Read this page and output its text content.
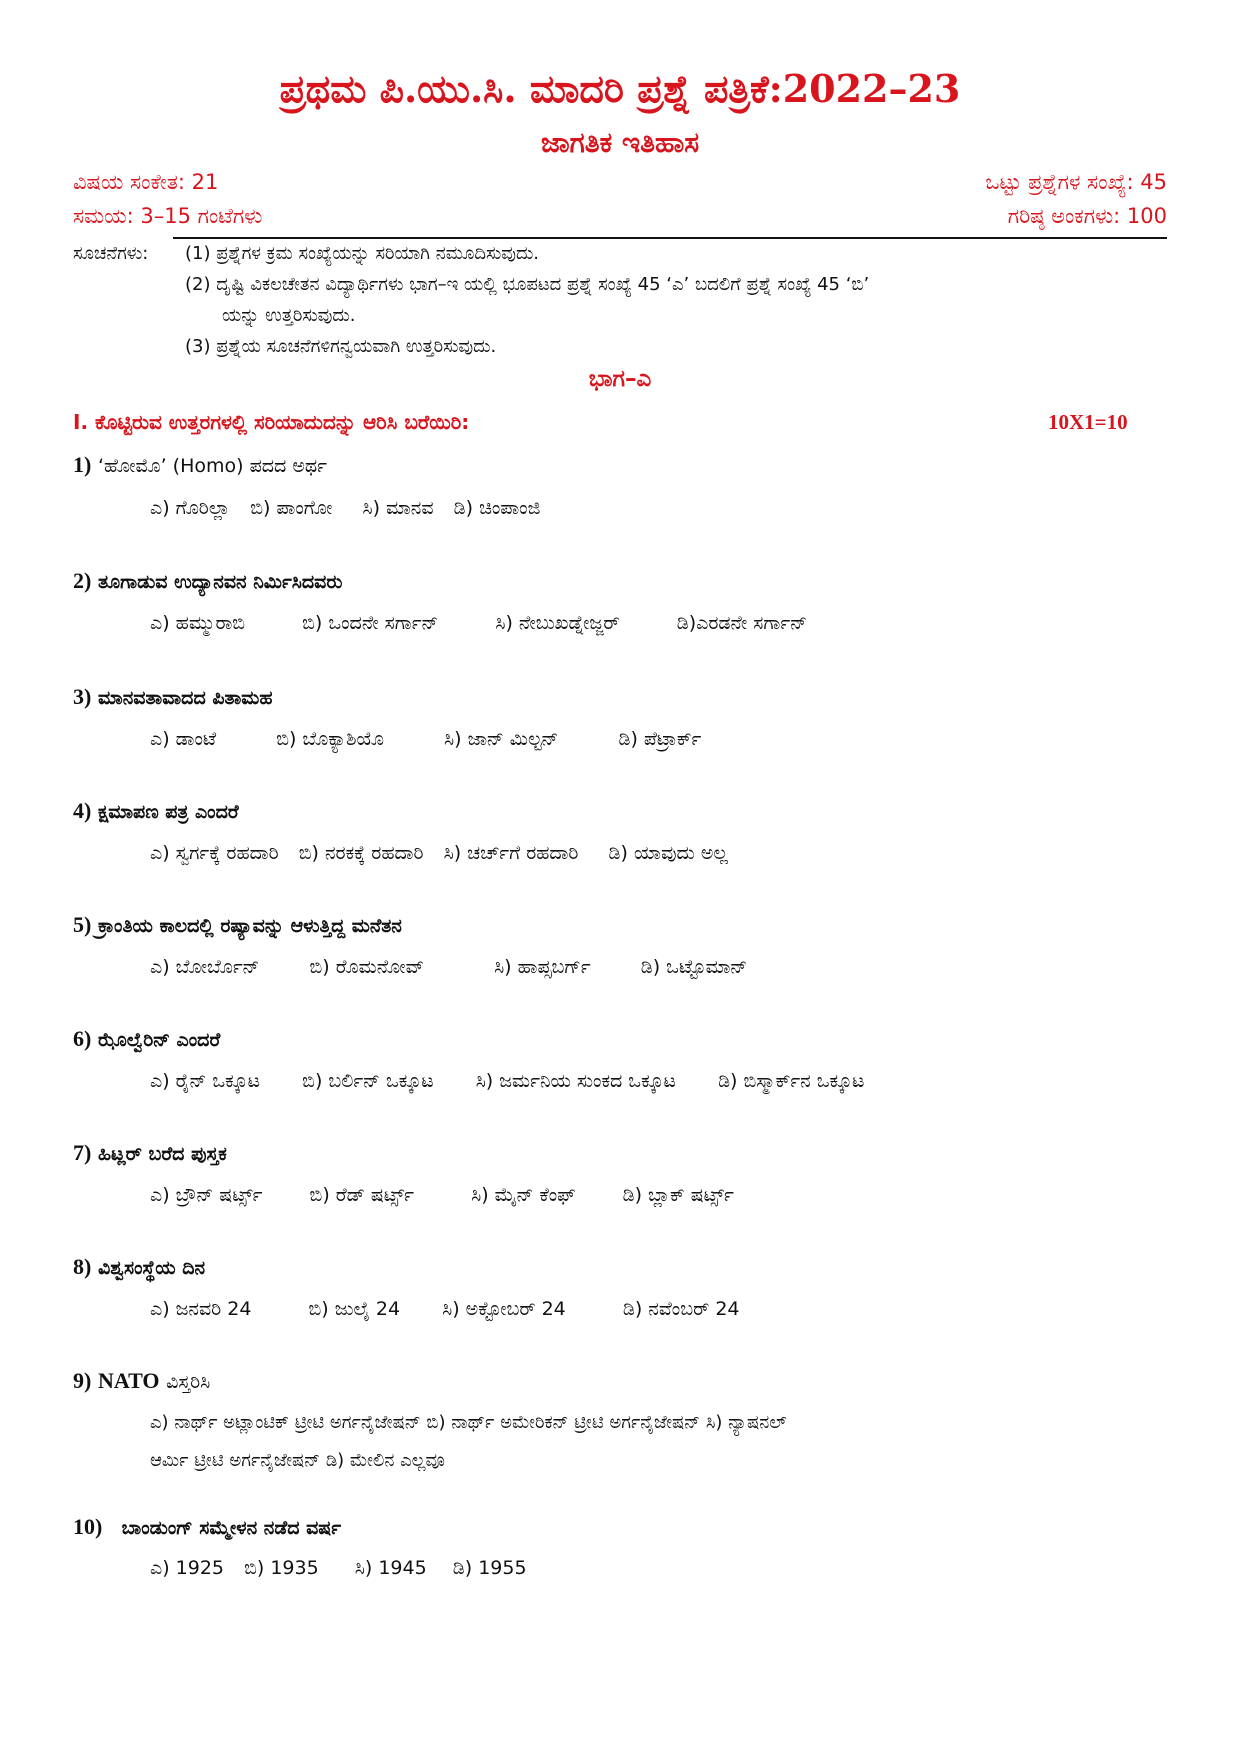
ಪ್ರಥಮ ಪಿ.ಯು.ಸಿ. ಮಾದರಿ ಪ್ರಶ್ನೆ ಪತ್ರಿಕೆ:2022–23
ಜಾಗತಿಕ ಇತಿಹಾಸ
ವಿಷಯ ಸಂಕೇತ: 21	ಒಟ್ಟು ಪ್ರಶ್ನೆಗಳ ಸಂಖ್ಯೆ: 45
ಸಮಯ: 3–15 ಗಂಟೆಗಳು	ಗರಿಷ್ಠ ಅಂಕಗಳು: 100
ಸೂಚನೆಗಳು: (1) ಪ್ರಶ್ನೆಗಳ ಕ್ರಮ ಸಂಖ್ಯೆಯನ್ನು ಸರಿಯಾಗಿ ನಮೂದಿಸುವುದು.
(2) ದೃಷ್ಟಿ ವಿಕಲಚೇತನ ವಿದ್ಯಾರ್ಥಿಗಳು ಭಾಗ–ಇ ಯಲ್ಲಿ ಭೂಪಟದ ಪ್ರಶ್ನೆ ಸಂಖ್ಯೆ 45 ‘ಎ’ ಬದಲಿಗೆ ಪ್ರಶ್ನೆ ಸಂಖ್ಯೆ 45 ‘ಬಿ’
ಯನ್ನು ಉತ್ತರಿಸುವುದು.
(3) ಪ್ರಶ್ನೆಯ ಸೂಚನೆಗಳಿಗನ್ವಯವಾಗಿ ಉತ್ತರಿಸುವುದು.
ಭಾಗ–ಎ
I. ಕೊಟ್ಟಿರುವ ಉತ್ತರಗಳಲ್ಲಿ ಸರಿಯಾದುದನ್ನು ಆರಿಸಿ ಬರೆಯಿರಿ:	10X1=10
1) ‘ಹೋಮೊ’ (Homo) ಪದದ ಅರ್ಥ
ಎ) ಗೊರಿಲ್ಲಾ ಬಿ) ಪಾಂಗೋ ಸಿ) ಮಾನವ ಡಿ) ಚಿಂಪಾಂಜಿ
2) ತೂಗಾಡುವ ಉದ್ಯಾನವನ ನಿರ್ಮಿಸಿದವರು
ಎ) ಹಮ್ಮುರಾಬಿ	ಬಿ) ಒಂದನೇ ಸರ್ಗಾನ್	ಸಿ) ನೇಬುಖಡ್ನೇಜ್ಜರ್	ಡಿ)ಎರಡನೇ ಸರ್ಗಾನ್
3) ಮಾನವತಾವಾದದ ಪಿತಾಮಹ
ಎ) ಡಾಂಟೆ	ಬಿ) ಬೊಕ್ಯಾಶಿಯೊ	ಸಿ) ಜಾನ್ ಮಿಲ್ಟನ್	ಡಿ) ಪೆಟ್ರಾರ್ಕ್
4) ಕ್ಷಮಾಪಣ ಪತ್ರ ಎಂದರೆ
ಎ) ಸ್ವರ್ಗಕ್ಕೆ ರಹದಾರಿ ಬಿ) ನರಕಕ್ಕೆ ರಹದಾರಿ ಸಿ) ಚರ್ಚ್‌ಗೆ ರಹದಾರಿ ಡಿ) ಯಾವುದು ಅಲ್ಲ
5) ಕ್ರಾಂತಿಯ ಕಾಲದಲ್ಲಿ ರಷ್ಯಾವನ್ನು ಆಳುತ್ತಿದ್ದ ಮನೆತನ
ಎ) ಬೋರ್ಬೊನ್	ಬಿ) ರೊಮನೋವ್	ಸಿ) ಹಾಪ್ಸಬರ್ಗ್	ಡಿ) ಒಟ್ಟೊಮಾನ್
6) ಝೊಲ್ವೆರಿನ್ ಎಂದರೆ
ಎ) ರೈನ್ ಒಕ್ಕೂಟ ಬಿ) ಬರ್ಲಿನ್ ಒಕ್ಕೂಟ ಸಿ) ಜರ್ಮನಿಯ ಸುಂಕದ ಒಕ್ಕೂಟ ಡಿ) ಬಿಸ್ಮಾರ್ಕ್‌ನ ಒಕ್ಕೂಟ
7) ಹಿಟ್ಲರ್ ಬರೆದ ಪುಸ್ತಕ
ಎ) ಬ್ರೌನ್ ಷರ್ಟ್ಸ್ ಬಿ) ರೆಡ್ ಷರ್ಟ್ಸ್	ಸಿ) ಮೈನ್ ಕೆಂಫ್ ಡಿ) ಬ್ಲಾಕ್ ಷರ್ಟ್ಸ್
8) ವಿಶ್ವಸಂಸ್ಥೆಯ ದಿನ
ಎ) ಜನವರಿ 24	ಬಿ) ಜುಲೈ 24 ಸಿ) ಅಕ್ಟೋಬರ್ 24	ಡಿ) ನವೆಂಬರ್ 24
9) NATO ವಿಸ್ತರಿಸಿ
ಎ) ನಾರ್ಥ್ ಅಟ್ಲಾಂಟಿಕ್ ಟ್ರೀಟಿ ಅರ್ಗನೈಜೇಷನ್ ಬಿ) ನಾರ್ಥ್ ಅಮೇರಿಕನ್ ಟ್ರೀಟಿ ಅರ್ಗನೈಜೇಷನ್ ಸಿ) ನ್ಯಾಷನಲ್
ಆರ್ಮಿ ಟ್ರೀಟಿ ಅರ್ಗನೈಜೇಷನ್ ಡಿ) ಮೇಲಿನ ಎಲ್ಲವೂ
10) ಬಾಂಡುಂಗ್ ಸಮ್ಮೇಳನ ನಡೆದ ವರ್ಷ
ಎ) 1925 ಬಿ) 1935 ಸಿ) 1945 ಡಿ) 1955
